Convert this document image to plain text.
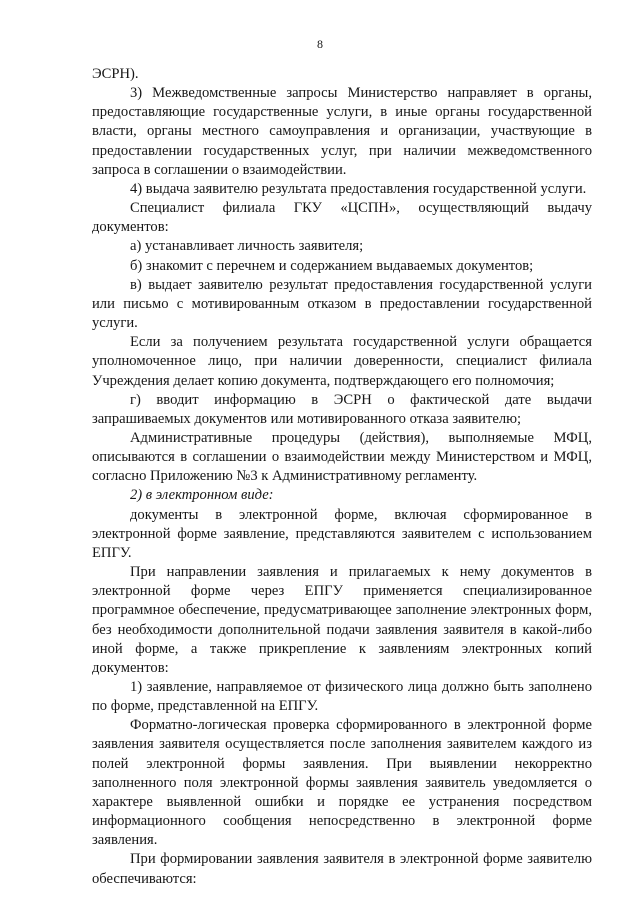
8

ЭСРН).

3) Межведомственные запросы Министерство направляет в органы, предоставляющие государственные услуги, в иные органы государственной власти, органы местного самоуправления и организации, участвующие в предоставлении государственных услуг, при наличии межведомственного запроса в соглашении о взаимодействии.

4) выдача заявителю результата предоставления государственной услуги.

Специалист филиала ГКУ «ЦСПН», осуществляющий выдачу документов:

а) устанавливает личность заявителя;

б) знакомит с перечнем и содержанием выдаваемых документов;

в) выдает заявителю результат предоставления государственной услуги или письмо с мотивированным отказом в предоставлении государственной услуги.

Если за получением результата государственной услуги обращается уполномоченное лицо, при наличии доверенности, специалист филиала Учреждения делает копию документа, подтверждающего его полномочия;

г) вводит информацию в ЭСРН о фактической дате выдачи запрашиваемых документов или мотивированного отказа заявителю;

Административные процедуры (действия), выполняемые МФЦ, описываются в соглашении о взаимодействии между Министерством и МФЦ, согласно Приложению №3 к Административному регламенту.

2) в электронном виде:

документы в электронной форме, включая сформированное в электронной форме заявление, представляются заявителем с использованием ЕПГУ.

При направлении заявления и прилагаемых к нему документов в электронной форме через ЕПГУ применяется специализированное программное обеспечение, предусматривающее заполнение электронных форм, без необходимости дополнительной подачи заявления заявителя в какой-либо иной форме, а также прикрепление к заявлениям электронных копий документов:

1) заявление, направляемое от физического лица должно быть заполнено по форме, представленной на ЕПГУ.

Форматно-логическая проверка сформированного в электронной форме заявления заявителя осуществляется после заполнения заявителем каждого из полей электронной формы заявления. При выявлении некорректно заполненного поля электронной формы заявления заявитель уведомляется о характере выявленной ошибки и порядке ее устранения посредством информационного сообщения непосредственно в электронной форме заявления.

При формировании заявления заявителя в электронной форме заявителю обеспечиваются:
